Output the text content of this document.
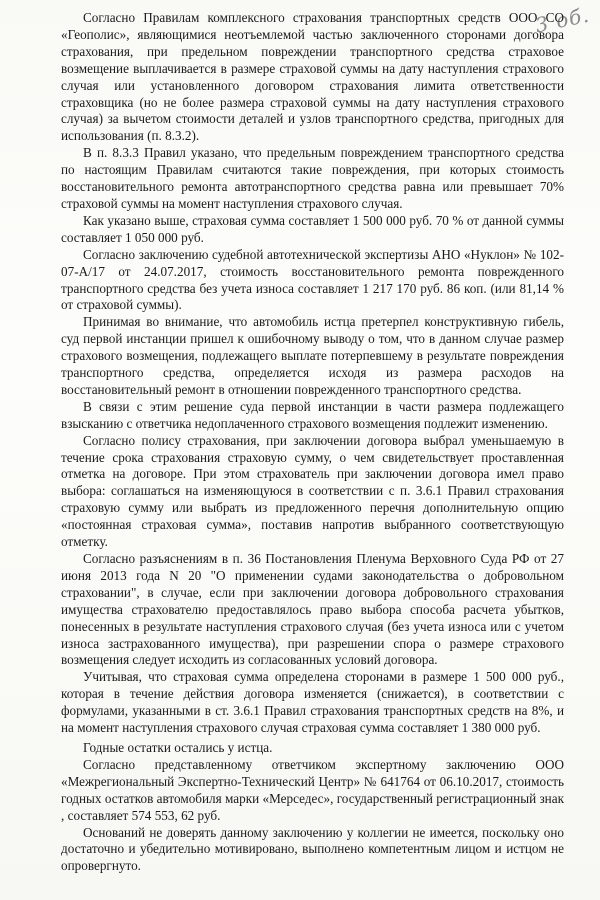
3 об.

Согласно Правилам комплексного страхования транспортных средств ООО СО «Геополис», являющимися неотъемлемой частью заключенного сторонами договора страхования, при предельном повреждении транспортного средства страховое возмещение выплачивается в размере страховой суммы на дату наступления страхового случая или установленного договором страхования лимита ответственности страховщика (но не более размера страховой суммы на дату наступления страхового случая) за вычетом стоимости деталей и узлов транспортного средства, пригодных для использования (п. 8.3.2).

В п. 8.3.3 Правил указано, что предельным повреждением транспортного средства по настоящим Правилам считаются такие повреждения, при которых стоимость восстановительного ремонта автотранспортного средства равна или превышает 70% страховой суммы на момент наступления страхового случая.

Как указано выше, страховая сумма составляет 1 500 000 руб. 70 % от данной суммы составляет 1 050 000 руб.

Согласно заключению судебной автотехнической экспертизы АНО «Нуклон» № 102-07-А/17 от 24.07.2017, стоимость восстановительного ремонта поврежденного транспортного средства без учета износа составляет 1 217 170 руб. 86 коп. (или 81,14 % от страховой суммы).

Принимая во внимание, что автомобиль истца претерпел конструктивную гибель, суд первой инстанции пришел к ошибочному выводу о том, что в данном случае размер страхового возмещения, подлежащего выплате потерпевшему в результате повреждения транспортного средства, определяется исходя из размера расходов на восстановительный ремонт в отношении поврежденного транспортного средства.

В связи с этим решение суда первой инстанции в части размера подлежащего взысканию с ответчика недоплаченного страхового возмещения подлежит изменению.

Согласно полису страхования, при заключении договора выбрал уменьшаемую в течение срока страхования страховую сумму, о чем свидетельствует проставленная отметка на договоре. При этом страхователь при заключении договора имел право выбора: соглашаться на изменяющуюся в соответствии с п. 3.6.1 Правил страхования страховую сумму или выбрать из предложенного перечня дополнительную опцию «постоянная страховая сумма», поставив напротив выбранного соответствующую отметку.

Согласно разъяснениям в п. 36 Постановления Пленума Верховного Суда РФ от 27 июня 2013 года N 20 "О применении судами законодательства о добровольном страховании", в случае, если при заключении договора добровольного страхования имущества страхователю предоставлялось право выбора способа расчета убытков, понесенных в результате наступления страхового случая (без учета износа или с учетом износа застрахованного имущества), при разрешении спора о размере страхового возмещения следует исходить из согласованных условий договора.

Учитывая, что страховая сумма определена сторонами в размере 1 500 000 руб., которая в течение действия договора изменяется (снижается), в соответствии с формулами, указанными в ст. 3.6.1 Правил страхования транспортных средств на 8%, и на момент наступления страхового случая страховая сумма составляет 1 380 000 руб.

Годные остатки остались у истца.

Согласно представленному ответчиком экспертному заключению ООО «Межрегиональный Экспертно-Технический Центр» № 641764 от 06.10.2017, стоимость годных остатков автомобиля марки «Мерседес», государственный регистрационный знак , составляет 574 553, 62 руб.

Оснований не доверять данному заключению у коллегии не имеется, поскольку оно достаточно и убедительно мотивировано, выполнено компетентным лицом и истцом не опровергнуто.
